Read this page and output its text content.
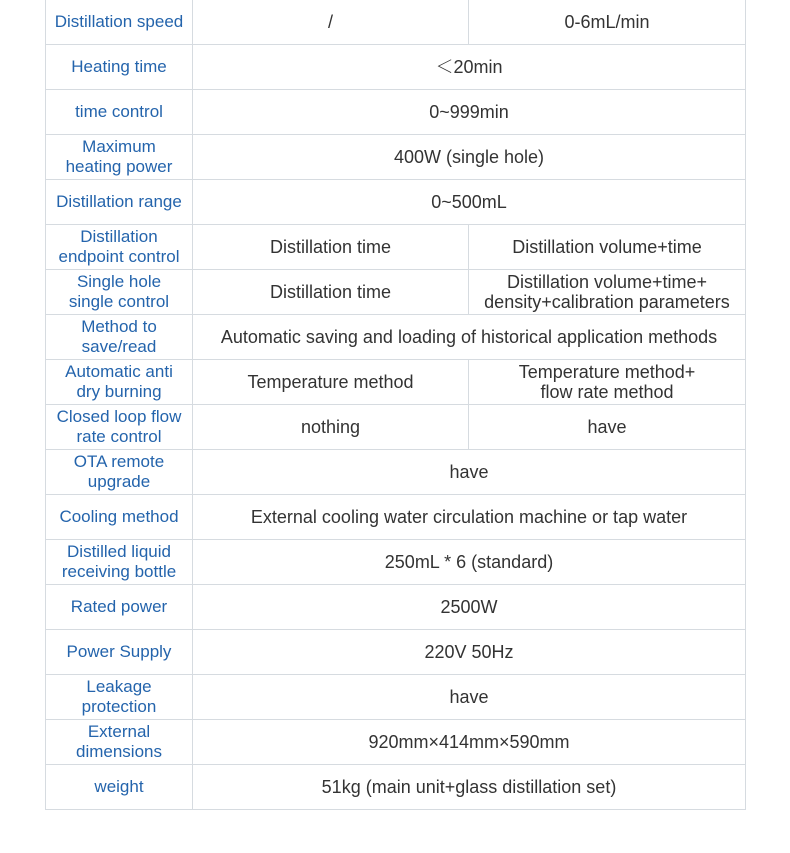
Distillation speed	/	0-6mL/min
Heating time	＜20min	
time control	0~999min	
Maximum
heating power	400W (single hole)	
Distillation range	0~500mL	
Distillation
endpoint control	Distillation time	Distillation volume+time
Single hole
single control	Distillation time	Distillation volume+time+
density+calibration parameters
Method to
save/read	Automatic saving and loading of historical application methods	
Automatic anti
dry burning	Temperature method	Temperature method+
flow rate method
Closed loop flow
rate control	nothing	have
OTA remote
upgrade	have	
Cooling method	External cooling water circulation machine or tap water	
Distilled liquid
receiving bottle	250mL * 6 (standard)	
Rated power	2500W	
Power Supply	220V 50Hz	
Leakage protection	have	
External
dimensions	920mm×414mm×590mm	
weight	51kg (main unit+glass distillation set)	
